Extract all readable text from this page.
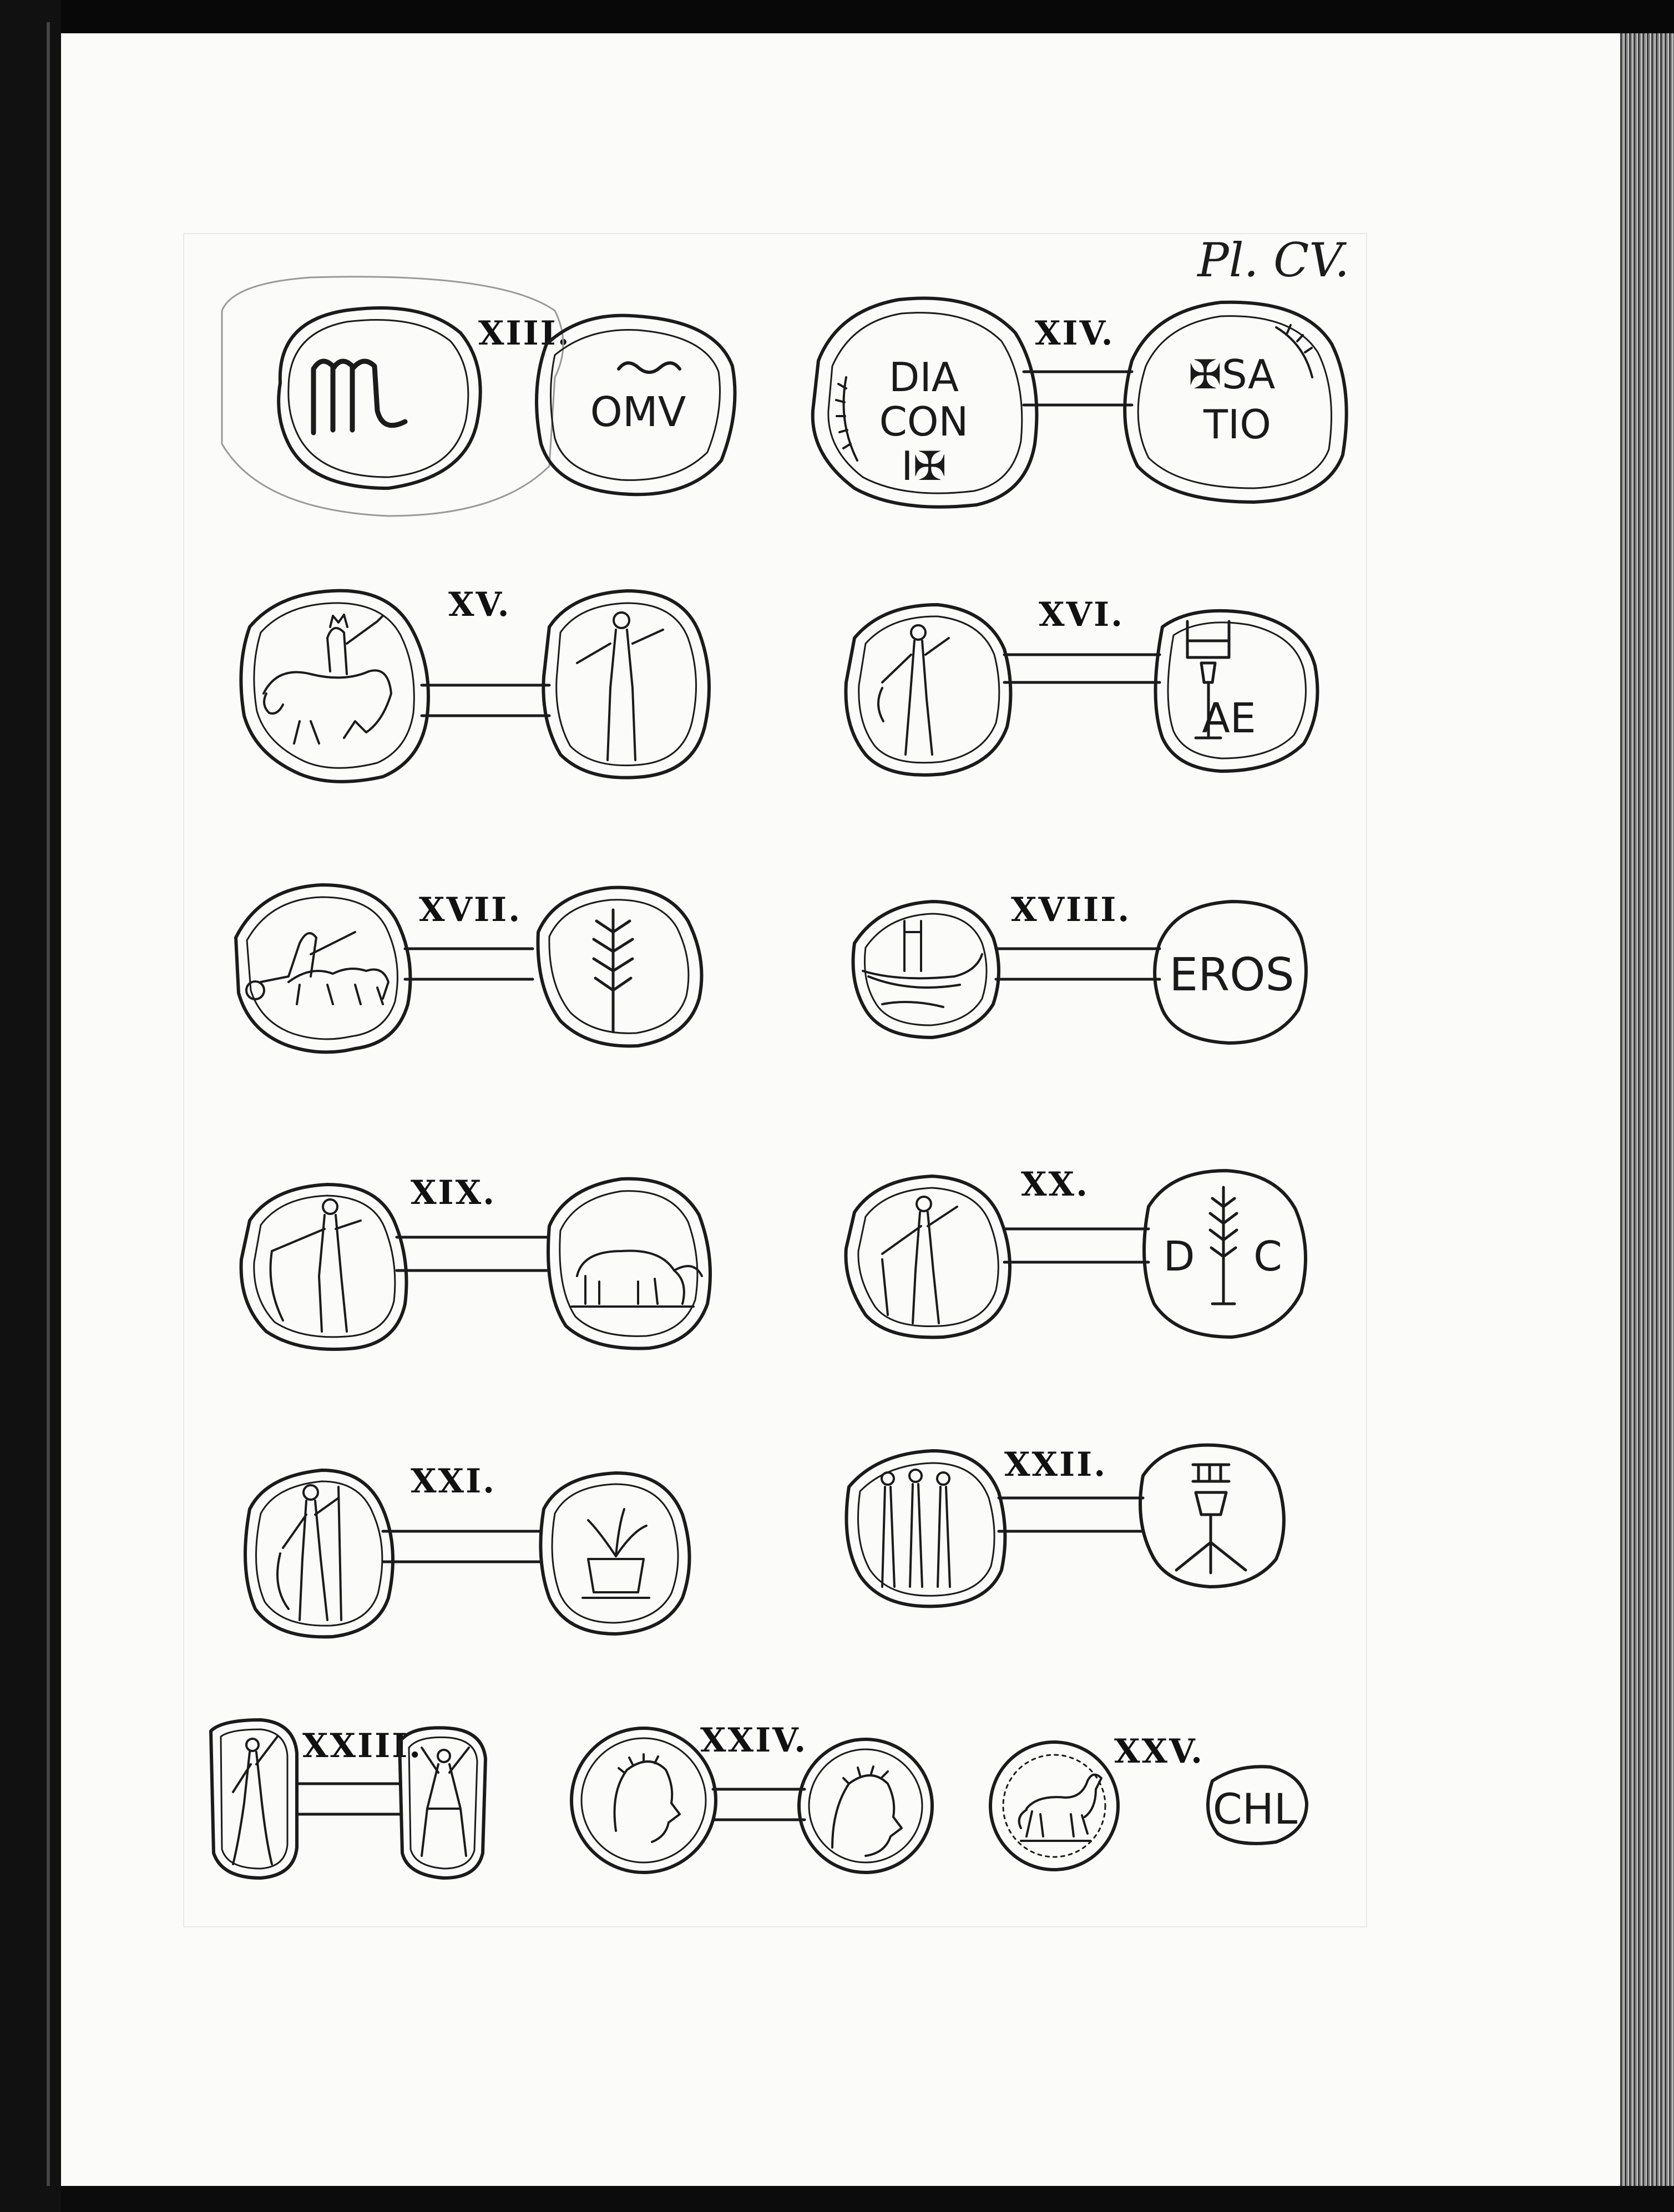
Pl. CV.
XIII.	XIV.
XV.	XVI.
XVII.	XVIII.
XIX.	XX.
XXI.	XXII.
XXIII.	XXIV.	XXV.
OMV
DIA
CON
I✠
✠SA
TIO
AE
EROS
D C
CHL
